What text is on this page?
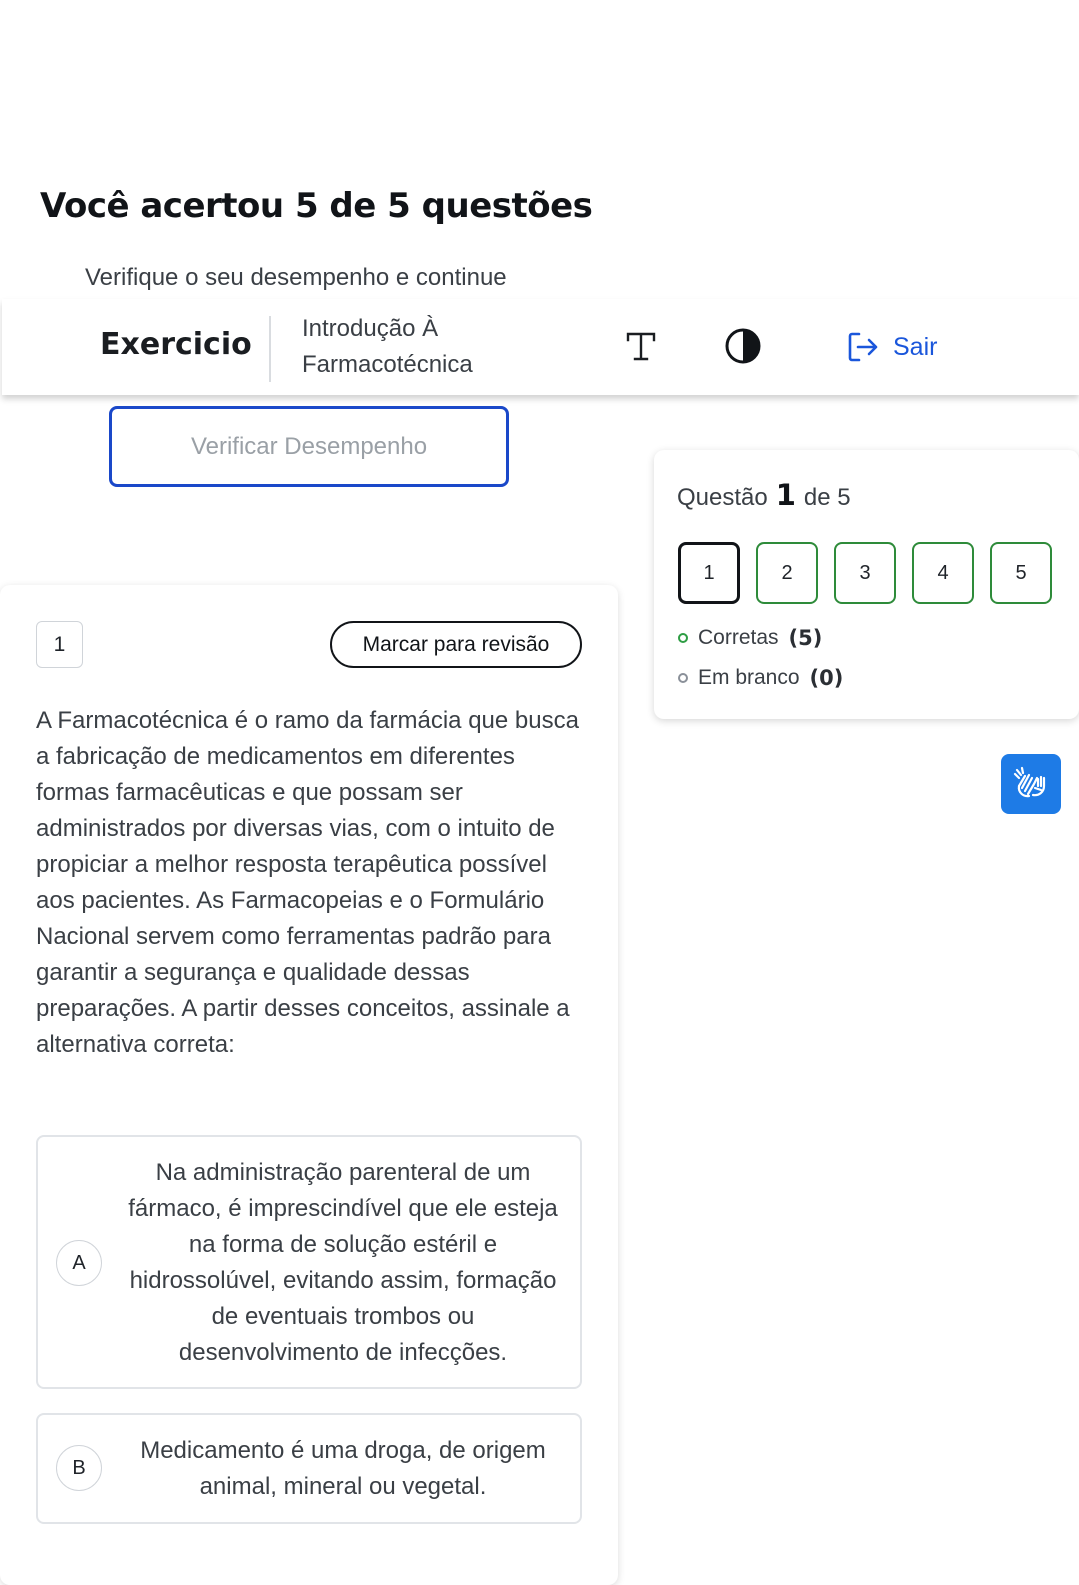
Você acertou 5 de 5 questões
Verifique o seu desempenho e continue
Exercicio Introdução À Farmacotécnica
Sair
Verificar Desempenho
1	Marcar para revisão

A Farmacotécnica é o ramo da farmácia que busca a fabricação de medicamentos em diferentes formas farmacêuticas e que possam ser administrados por diversas vias, com o intuito de propiciar a melhor resposta terapêutica possível aos pacientes. As Farmacopeias e o Formulário Nacional servem como ferramentas padrão para garantir a segurança e qualidade dessas preparações. A partir desses conceitos, assinale a alternativa correta:

A
Na administração parenteral de um fármaco, é imprescindível que ele esteja na forma de solução estéril e hidrossolúvel, evitando assim, formação de eventuais trombos ou desenvolvimento de infecções.
B
Medicamento é uma droga, de origem animal, mineral ou vegetal.
Questão 1 de 5
1	2	3	4	5
Corretas (5)
Em branco (0)
